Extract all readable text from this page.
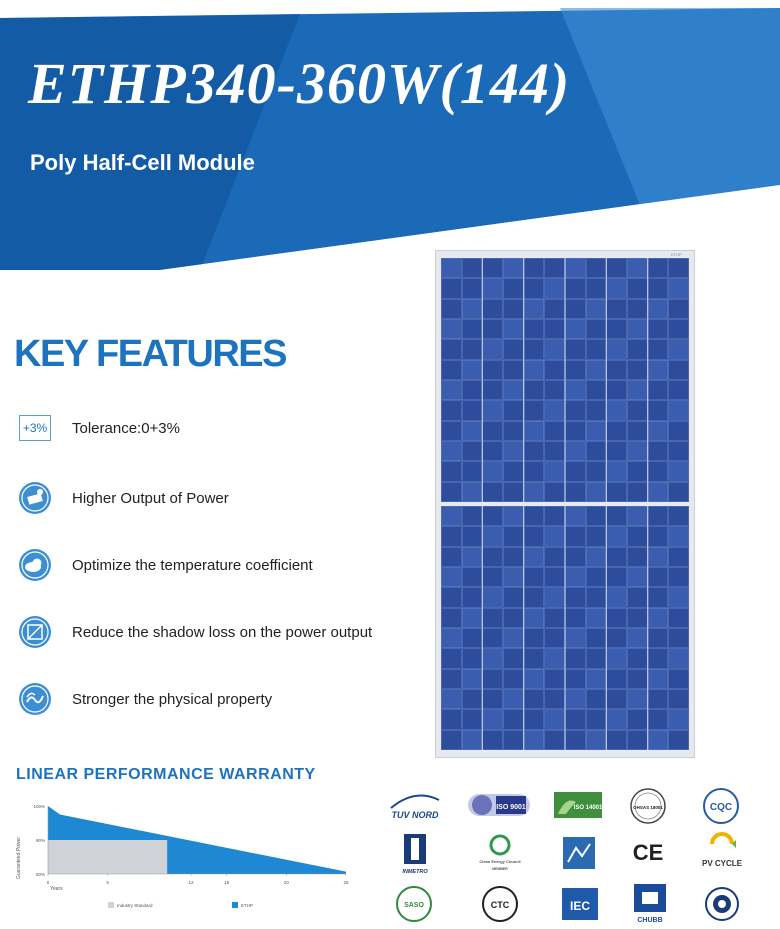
ETHP340-360W(144)
Poly Half-Cell Module
ETHP
KEY FEATURES
+3% Tolerance:0+3%
Higher Output of Power
Optimize the temperature coefficient
Reduce the shadow loss on the power output
Stronger the physical property
LINEAR PERFORMANCE WARRANTY
Guaranteed Power
100%
90%
80%
Years
0	5	12	15	20	25
Industry Standard	ETHP
TUV NORD
ISO 9001	ISO 14001	OHSAS 18001	CQC
INMETRO
Clean Energy Council
MEMBER
CE	PV CYCLE
SASO	CTC	IEC
CHUBB
